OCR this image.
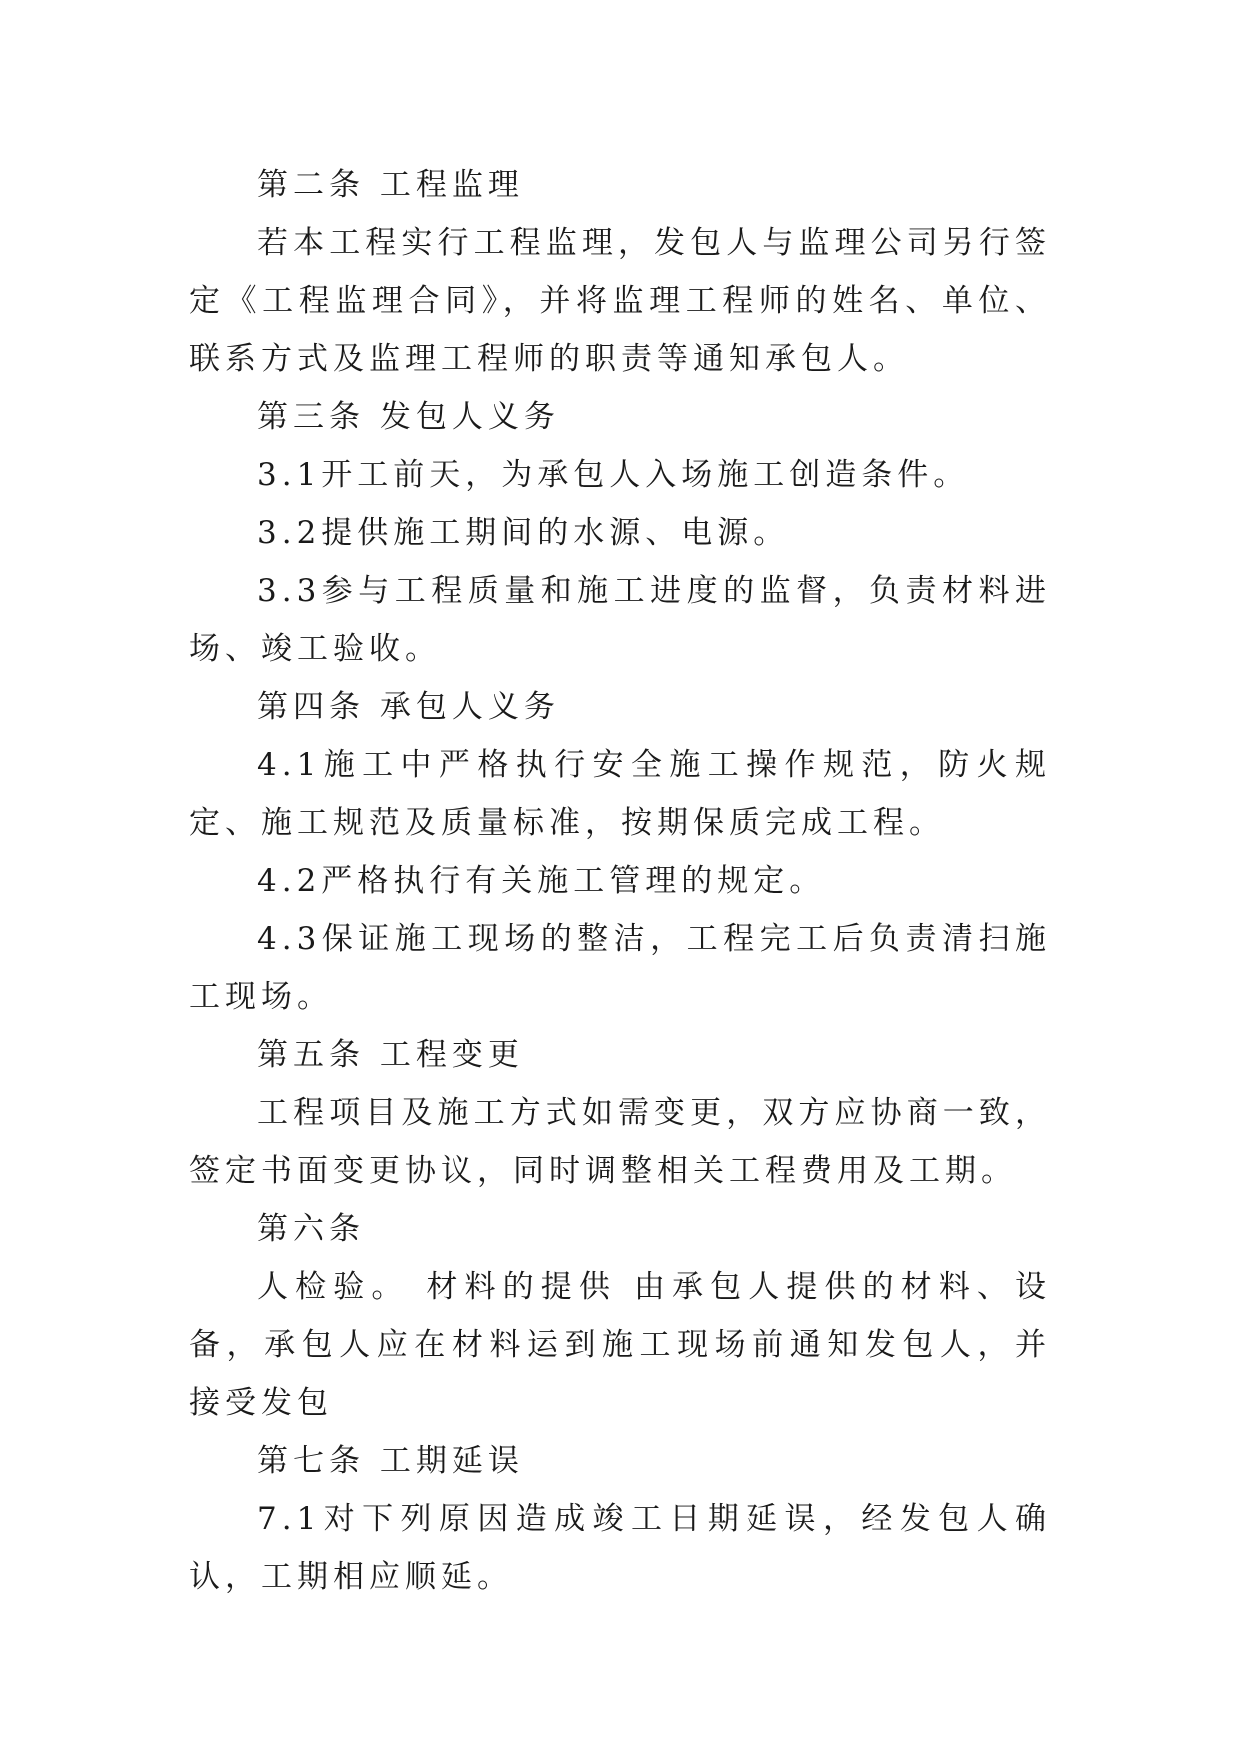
第二条 工程监理

若本工程实行工程监理，发包人与监理公司另行签定《工程监理合同》，并将监理工程师的姓名、单位、联系方式及监理工程师的职责等通知承包人。

第三条 发包人义务

3.1开工前天，为承包人入场施工创造条件。

3.2提供施工期间的水源、电源。

3.3参与工程质量和施工进度的监督，负责材料进场、竣工验收。

第四条 承包人义务

4.1施工中严格执行安全施工操作规范，防火规定、施工规范及质量标准，按期保质完成工程。

4.2严格执行有关施工管理的规定。

4.3保证施工现场的整洁，工程完工后负责清扫施工现场。

第五条 工程变更

工程项目及施工方式如需变更，双方应协商一致，签定书面变更协议，同时调整相关工程费用及工期。

第六条

人检验。 材料的提供 由承包人提供的材料、设备，承包人应在材料运到施工现场前通知发包人，并接受发包

第七条 工期延误

7.1对下列原因造成竣工日期延误，经发包人确认，工期相应顺延。
